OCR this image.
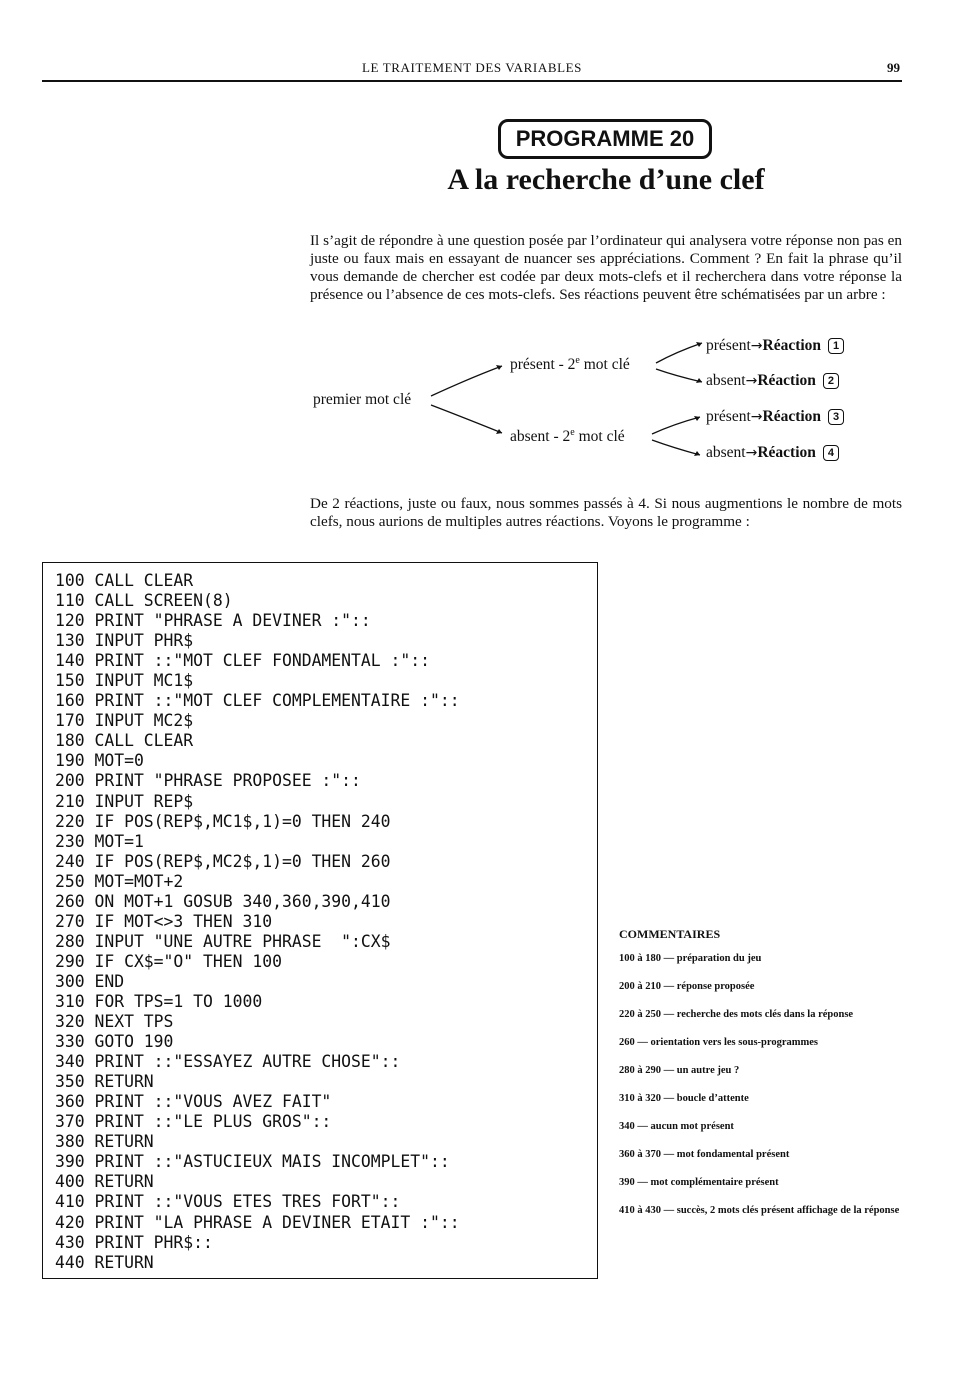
LE TRAITEMENT DES VARIABLES	99
PROGRAMME 20
A la recherche d’une clef

Il s’agit de répondre à une question posée par l’ordinateur qui analysera votre réponse non pas en juste ou faux mais en essayant de nuancer ses appréciations. Comment ? En fait la phrase qu’il vous demande de chercher est codée par deux mots-clefs et il recherchera dans votre réponse la présence ou l’absence de ces mots-clefs. Ses réactions peuvent être schématisées par un arbre :

premier mot clé
présent - 2e mot clé
absent - 2e mot clé
présent→Réaction 1
absent→Réaction 2
présent→Réaction 3
absent→Réaction 4

De 2 réactions, juste ou faux, nous sommes passés à 4. Si nous augmentions le nombre de mots clefs, nous aurions de multiples autres réactions. Voyons le programme :

100 CALL CLEAR
110 CALL SCREEN(8)
120 PRINT "PHRASE A DEVINER :"::
130 INPUT PHR$
140 PRINT ::"MOT CLEF FONDAMENTAL :"::
150 INPUT MC1$
160 PRINT ::"MOT CLEF COMPLEMENTAIRE :"::
170 INPUT MC2$
180 CALL CLEAR
190 MOT=0
200 PRINT "PHRASE PROPOSEE :"::
210 INPUT REP$
220 IF POS(REP$,MC1$,1)=0 THEN 240
230 MOT=1
240 IF POS(REP$,MC2$,1)=0 THEN 260
250 MOT=MOT+2
260 ON MOT+1 GOSUB 340,360,390,410
270 IF MOT<>3 THEN 310
280 INPUT "UNE AUTRE PHRASE  ":CX$
290 IF CX$="O" THEN 100
300 END
310 FOR TPS=1 TO 1000
320 NEXT TPS
330 GOTO 190
340 PRINT ::"ESSAYEZ AUTRE CHOSE"::
350 RETURN
360 PRINT ::"VOUS AVEZ FAIT"
370 PRINT ::"LE PLUS GROS"::
380 RETURN
390 PRINT ::"ASTUCIEUX MAIS INCOMPLET"::
400 RETURN
410 PRINT ::"VOUS ETES TRES FORT"::
420 PRINT "LA PHRASE A DEVINER ETAIT :"::
430 PRINT PHR$::
440 RETURN
COMMENTAIRES
100 à 180 — préparation du jeu
200 à 210 — réponse proposée
220 à 250 — recherche des mots clés dans la réponse
260 — orientation vers les sous-programmes
280 à 290 — un autre jeu ?
310 à 320 — boucle d’attente
340 — aucun mot présent
360 à 370 — mot fondamental présent
390 — mot complémentaire présent
410 à 430 — succès, 2 mots clés présent affichage de la réponse
